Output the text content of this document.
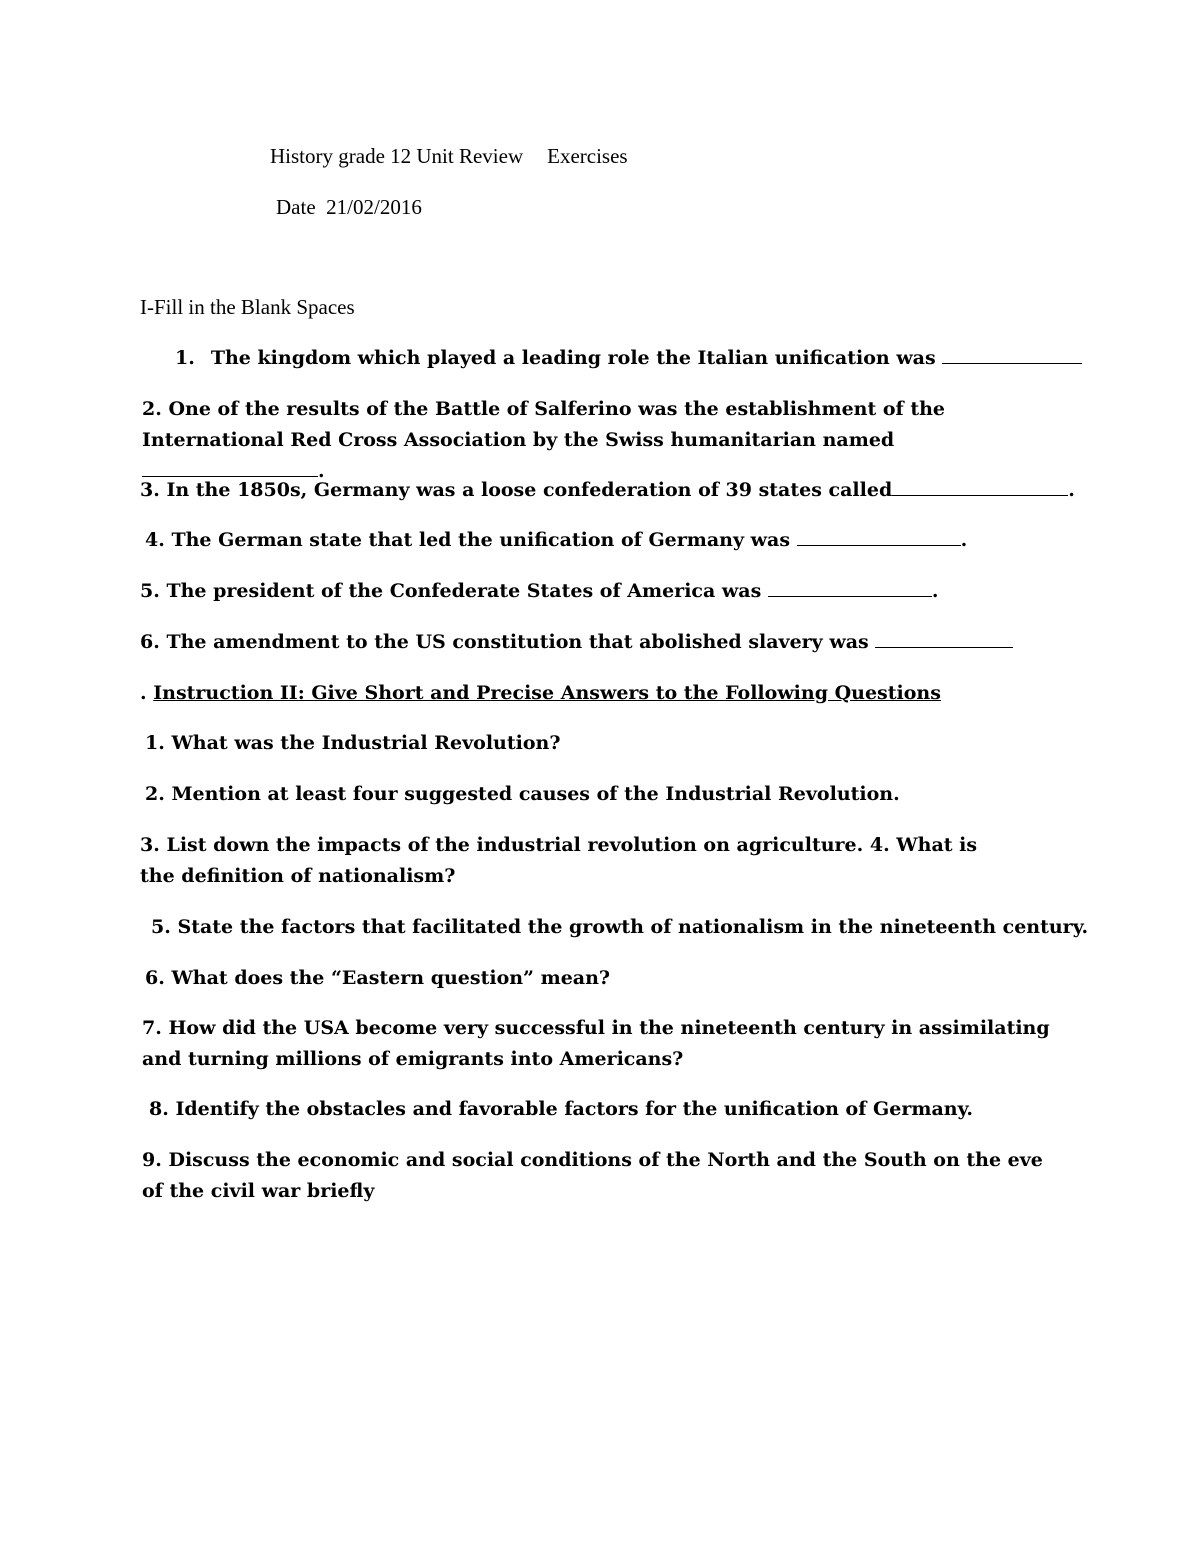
History grade 12 Unit Review Exercises
Date 21/02/2016
I-Fill in the Blank Spaces
1. The kingdom which played a leading role the Italian unification was
2. One of the results of the Battle of Salferino was the establishment of the International Red Cross Association by the Swiss humanitarian named .
3. In the 1850s, Germany was a loose confederation of 39 states called	.
4. The German state that led the unification of Germany was	.
5. The president of the Confederate States of America was	.
6. The amendment to the US constitution that abolished slavery was
. Instruction II: Give Short and Precise Answers to the Following Questions
1. What was the Industrial Revolution?
2. Mention at least four suggested causes of the Industrial Revolution.
3. List down the impacts of the industrial revolution on agriculture. 4. What is the definition of nationalism?
5. State the factors that facilitated the growth of nationalism in the nineteenth century.
6. What does the “Eastern question” mean?
7. How did the USA become very successful in the nineteenth century in assimilating and turning millions of emigrants into Americans?
8. Identify the obstacles and favorable factors for the unification of Germany.
9. Discuss the economic and social conditions of the North and the South on the eve of the civil war briefly
